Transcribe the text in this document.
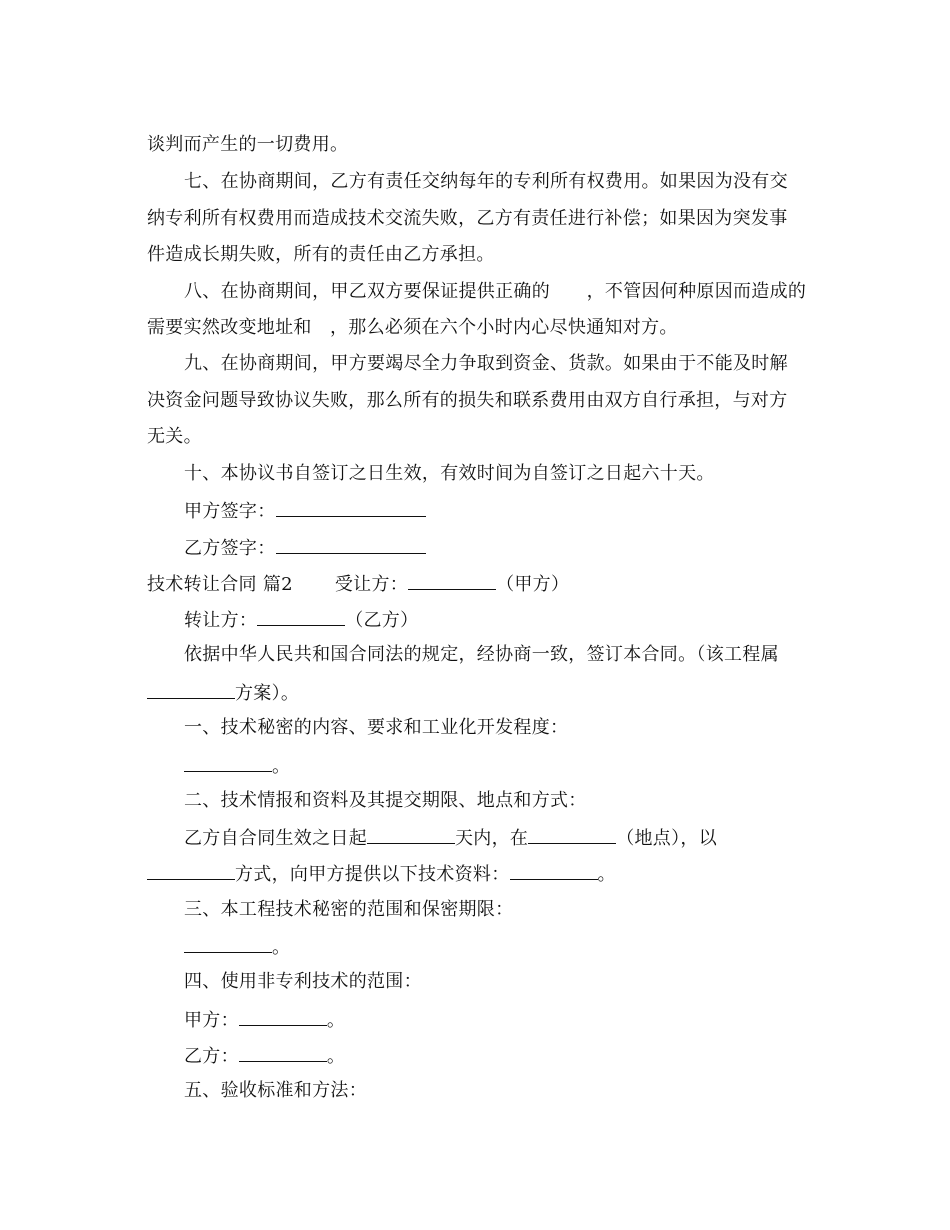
谈判而产生的一切费用。
七、在协商期间，乙方有责任交纳每年的专利所有权费用。如果因为没有交
纳专利所有权费用而造成技术交流失败，乙方有责任进行补偿；如果因为突发事
件造成长期失败，所有的责任由乙方承担。
八、在协商期间，甲乙双方要保证提供正确的　　，不管因何种原因而造成的
需要实然改变地址和　，那么必须在六个小时内心尽快通知对方。
九、在协商期间，甲方要竭尽全力争取到资金、货款。如果由于不能及时解
决资金问题导致协议失败，那么所有的损失和联系费用由双方自行承担，与对方
无关。
十、本协议书自签订之日生效，有效时间为自签订之日起六十天。
甲方签字：
乙方签字：
技术转让合同 篇2 受让方：	（甲方）
转让方：	（乙方）
依据中华人民共和国合同法的规定，经协商一致，签订本合同。（该工程属
方案）。
一、技术秘密的内容、要求和工业化开发程度：
。
二、技术情报和资料及其提交期限、地点和方式：
乙方自合同生效之日起	天内，在	（地点），以
方式，向甲方提供以下技术资料：	。
三、本工程技术秘密的范围和保密期限：
。
四、使用非专利技术的范围：
甲方：	。
乙方：	。
五、验收标准和方法：
